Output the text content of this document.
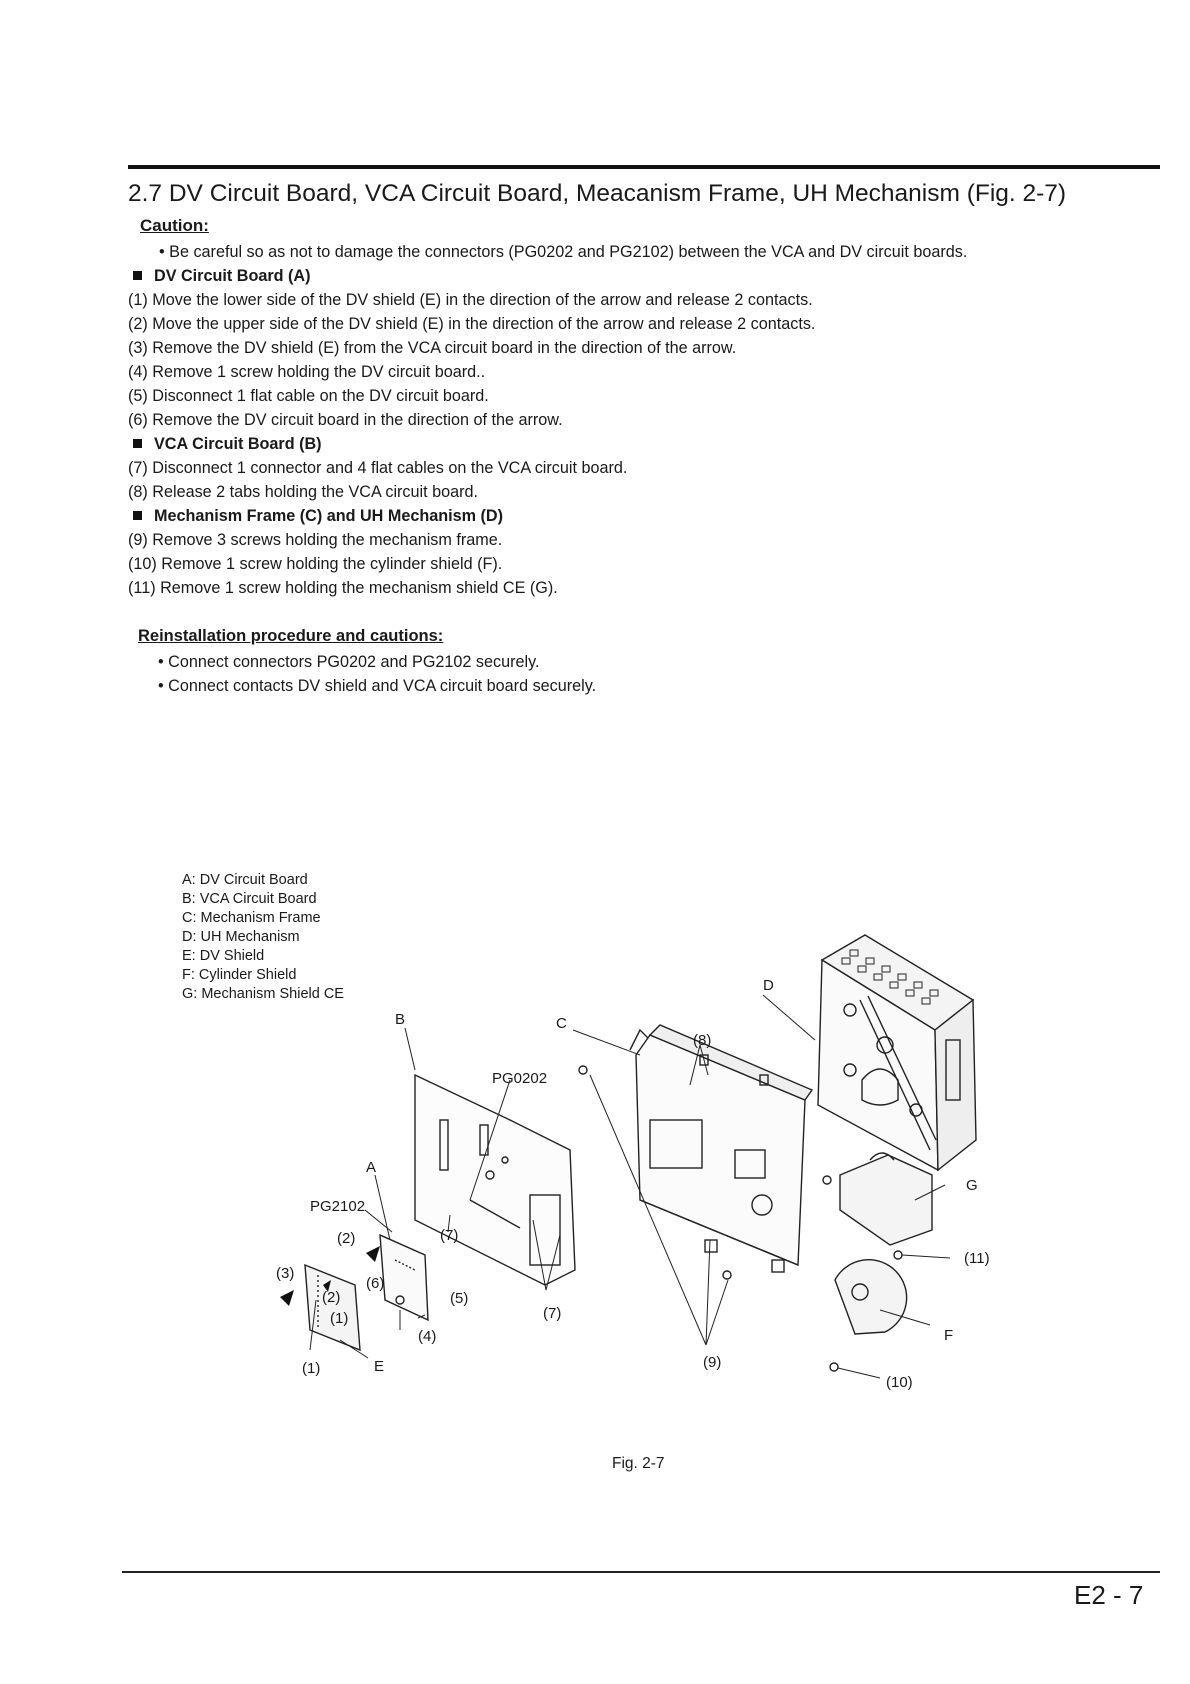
2.7 DV Circuit Board, VCA Circuit Board, Meacanism Frame, UH Mechanism (Fig. 2-7)
Caution:
• Be careful so as not to damage the connectors (PG0202 and PG2102) between the VCA and DV circuit boards.
DV Circuit Board (A)
(1) Move the lower side of the DV shield (E) in the direction of the arrow and release 2 contacts.
(2) Move the upper side of the DV shield (E) in the direction of the arrow and release 2 contacts.
(3) Remove the DV shield (E) from the VCA circuit board in the direction of the arrow.
(4) Remove 1 screw holding the DV circuit board..
(5) Disconnect 1 flat cable on the DV circuit board.
(6) Remove the DV circuit board in the direction of the arrow.
VCA Circuit Board (B)
(7) Disconnect 1 connector and 4 flat cables on the VCA circuit board.
(8) Release 2 tabs holding the VCA circuit board.
Mechanism Frame (C) and UH Mechanism (D)
(9) Remove 3 screws holding the mechanism frame.
(10) Remove 1 screw holding the cylinder shield (F).
(11) Remove 1 screw holding the mechanism shield CE (G).
Reinstallation procedure and cautions:
• Connect connectors PG0202 and PG2102 securely.
• Connect contacts DV shield and VCA circuit board securely.
A: DV Circuit Board
B: VCA Circuit Board
C: Mechanism Frame
D: UH Mechanism
E: DV Shield
F: Cylinder Shield
G: Mechanism Shield CE	D
B	C
PG0202
A
PG2102
(8)
G
(7)
(2)
(6)
(3)
(2)
(1)
(5)
(11)
(7)
(4)	F
(1)	E	(9)
(10)
Fig. 2-7
E2 - 7
